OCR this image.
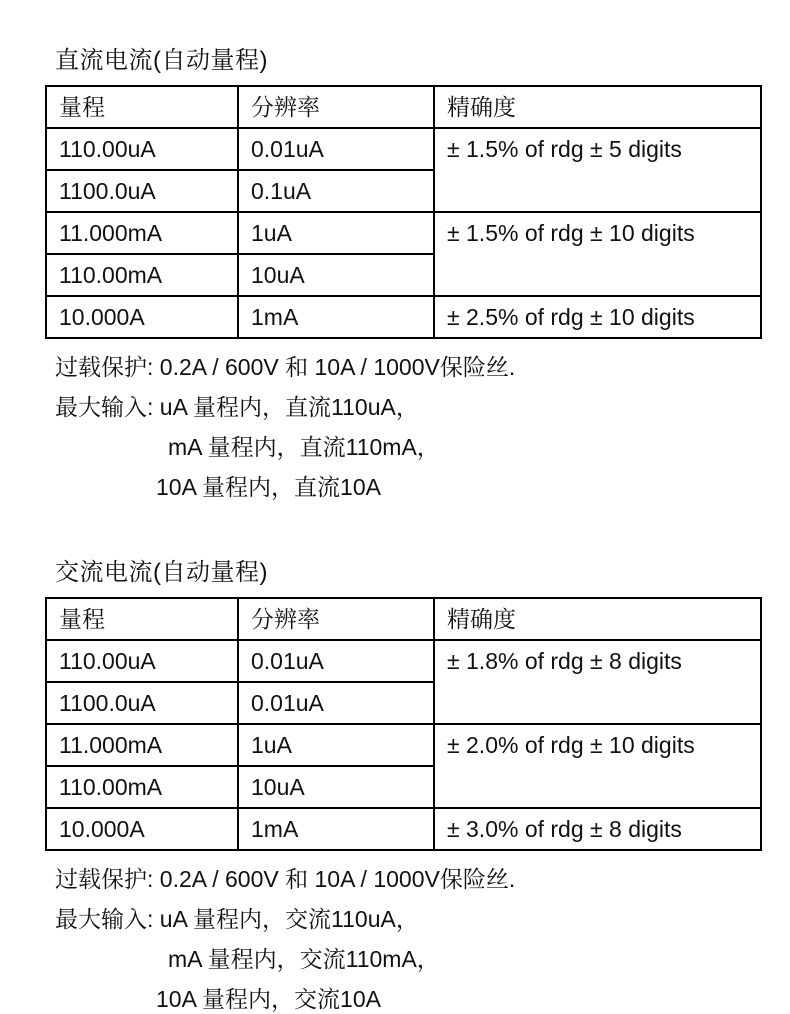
直流电流(自动量程)
量程	分辨率	精确度
110.00uA	0.01uA	± 1.5% of rdg ± 5 digits
1100.0uA	0.1uA	
11.000mA	1uA	± 1.5% of rdg ± 10 digits
110.00mA	10uA	
10.000A	1mA	± 2.5% of rdg ± 10 digits

过载保护: 0.2A / 600V 和 10A / 1000V保险丝.

最大输入: uA 量程内，直流110uA，

mA 量程内，直流110mA，

10A 量程内，直流10A

交流电流(自动量程)
量程	分辨率	精确度
110.00uA	0.01uA	± 1.8% of rdg ± 8 digits
1100.0uA	0.01uA	
11.000mA	1uA	± 2.0% of rdg ± 10 digits
110.00mA	10uA	
10.000A	1mA	± 3.0% of rdg ± 8 digits

过载保护: 0.2A / 600V 和 10A / 1000V保险丝.

最大输入: uA 量程内，交流110uA，

mA 量程内，交流110mA，

10A 量程内，交流10A
